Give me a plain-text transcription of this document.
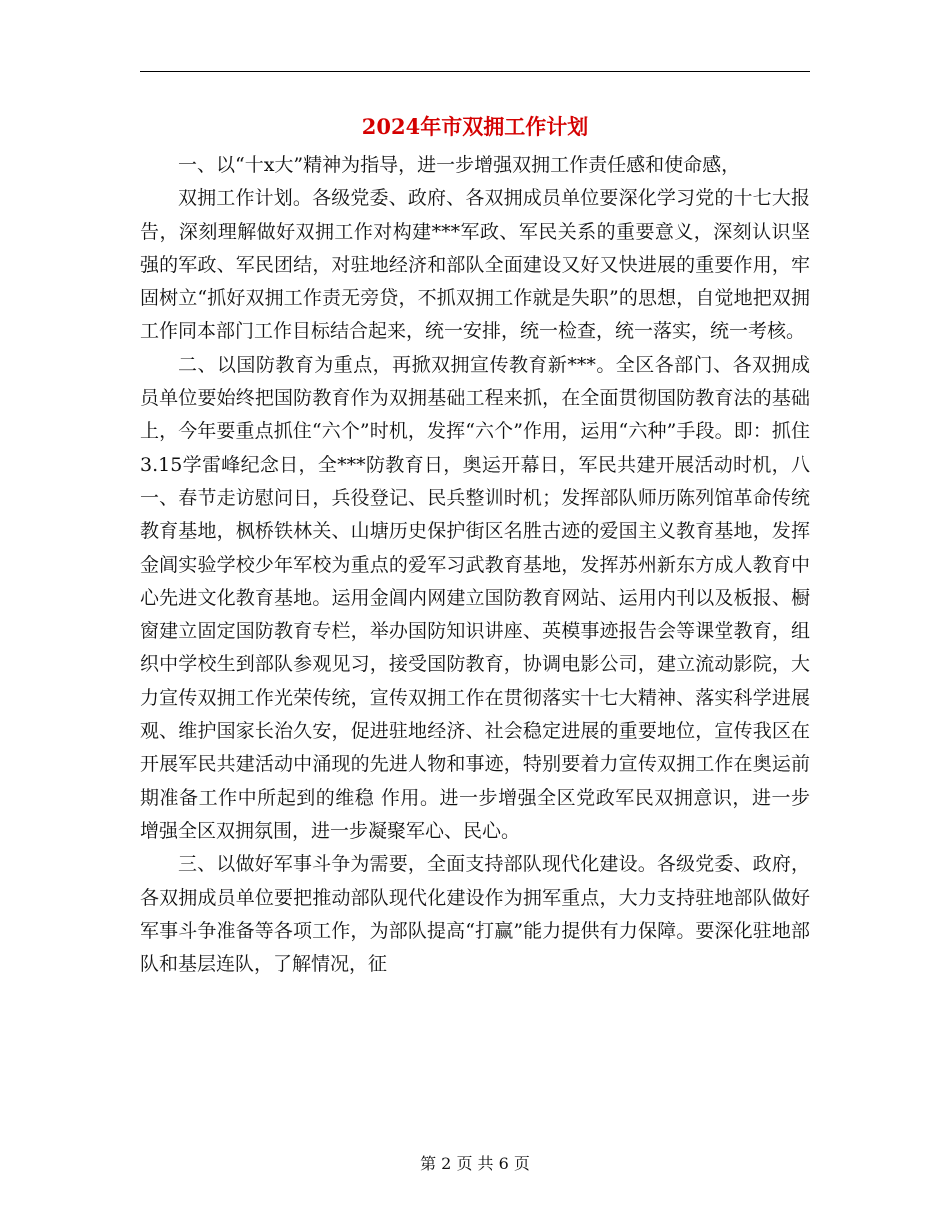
2024年市双拥工作计划

一、以“十x大”精神为指导，进一步增强双拥工作责任感和使命感，

双拥工作计划。各级党委、政府、各双拥成员单位要深化学习党的十七大报告，深刻理解做好双拥工作对构建***军政、军民关系的重要意义，深刻认识坚强的军政、军民团结，对驻地经济和部队全面建设又好又快进展的重要作用，牢固树立“抓好双拥工作责无旁贷，不抓双拥工作就是失职”的思想，自觉地把双拥工作同本部门工作目标结合起来，统一安排，统一检查，统一落实，统一考核。

二、以国防教育为重点，再掀双拥宣传教育新***。全区各部门、各双拥成员单位要始终把国防教育作为双拥基础工程来抓，在全面贯彻国防教育法的基础上，今年要重点抓住“六个”时机，发挥“六个”作用，运用“六种”手段。即：抓住3.15学雷峰纪念日，全***防教育日，奥运开幕日，军民共建开展活动时机，八一、春节走访慰问日，兵役登记、民兵整训时机；发挥部队师历陈列馆革命传统教育基地，枫桥铁林关、山塘历史保护街区名胜古迹的爱国主义教育基地，发挥金阊实验学校少年军校为重点的爱军习武教育基地，发挥苏州新东方成人教育中心先进文化教育基地。运用金阊内网建立国防教育网站、运用内刊以及板报、橱窗建立固定国防教育专栏，举办国防知识讲座、英模事迹报告会等课堂教育，组织中学校生到部队参观见习，接受国防教育，协调电影公司，建立流动影院，大力宣传双拥工作光荣传统，宣传双拥工作在贯彻落实十七大精神、落实科学进展观、维护国家长治久安，促进驻地经济、社会稳定进展的重要地位，宣传我区在开展军民共建活动中涌现的先进人物和事迹，特别要着力宣传双拥工作在奥运前期准备工作中所起到的维稳 作用。进一步增强全区党政军民双拥意识，进一步增强全区双拥氛围，进一步凝聚军心、民心。

三、以做好军事斗争为需要，全面支持部队现代化建设。各级党委、政府，各双拥成员单位要把推动部队现代化建设作为拥军重点，大力支持驻地部队做好军事斗争准备等各项工作，为部队提高“打赢”能力提供有力保障。要深化驻地部队和基层连队，了解情况，征

第 2 页 共 6 页
